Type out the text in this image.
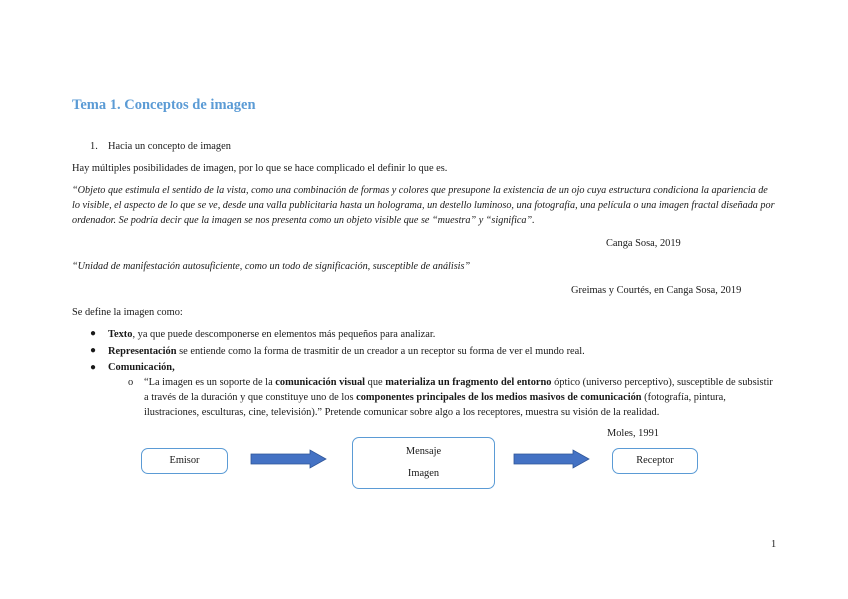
Tema 1. Conceptos de imagen
1. Hacia un concepto de imagen
Hay múltiples posibilidades de imagen, por lo que se hace complicado el definir lo que es.
“Objeto que estimula el sentido de la vista, como una combinación de formas y colores que presupone la existencia de un ojo cuya estructura condiciona la apariencia de lo visible, el aspecto de lo que se ve, desde una valla publicitaria hasta un holograma, un destello luminoso, una fotografía, una película o una imagen fractal diseñada por ordenador. Se podría decir que la imagen se nos presenta como un objeto visible que se “muestra” y “significa”.
Canga Sosa, 2019
“Unidad de manifestación autosuficiente, como un todo de significación, susceptible de análisis”
Greimas y Courtés, en Canga Sosa, 2019
Se define la imagen como:
● Texto, ya que puede descomponerse en elementos más pequeños para analizar.
● Representación se entiende como la forma de trasmitir de un creador a un receptor su forma de ver el mundo real.
● Comunicación,
o “La imagen es un soporte de la comunicación visual que materializa un fragmento del entorno óptico (universo perceptivo), susceptible de subsistir a través de la duración y que constituye uno de los componentes principales de los medios masivos de comunicación (fotografía, pintura, ilustraciones, esculturas, cine, televisión).” Pretende comunicar sobre algo a los receptores, muestra su visión de la realidad.
Moles, 1991
Emisor
Mensaje
Imagen
Receptor
1
